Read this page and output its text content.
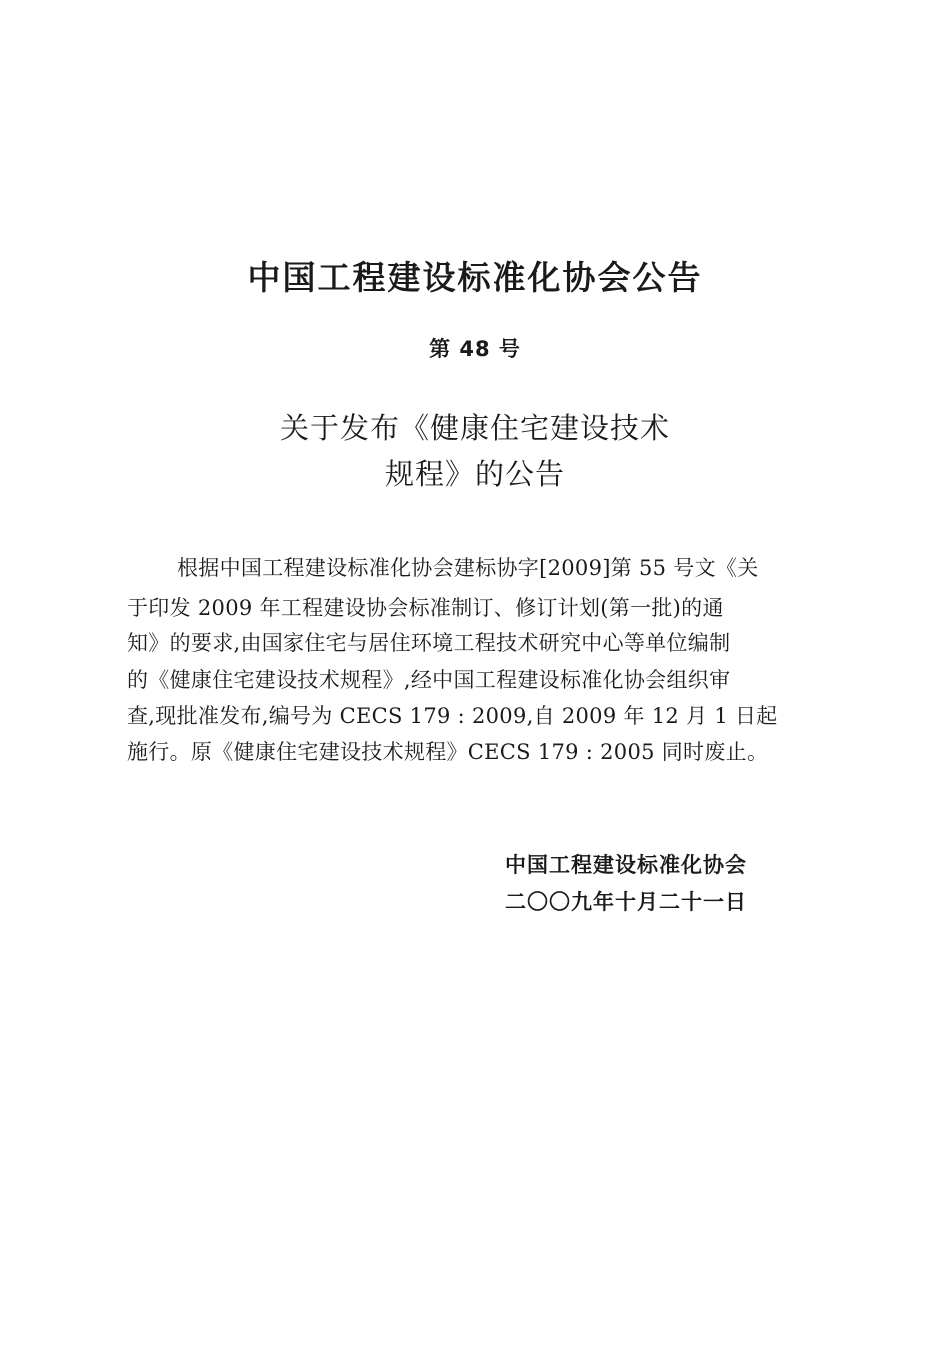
中国工程建设标准化协会公告
第 48 号
关于发布《健康住宅建设技术
规程》的公告
根据中国工程建设标准化协会建标协字[2009]第 55 号文《关
于印发 2009 年工程建设协会标准制订、修订计划(第一批)的通
知》的要求,由国家住宅与居住环境工程技术研究中心等单位编制
的《健康住宅建设技术规程》,经中国工程建设标准化协会组织审
查,现批准发布,编号为 CECS 179 : 2009,自 2009 年 12 月 1 日起
施行。原《健康住宅建设技术规程》CECS 179 : 2005 同时废止。
中国工程建设标准化协会
二〇〇九年十月二十一日
